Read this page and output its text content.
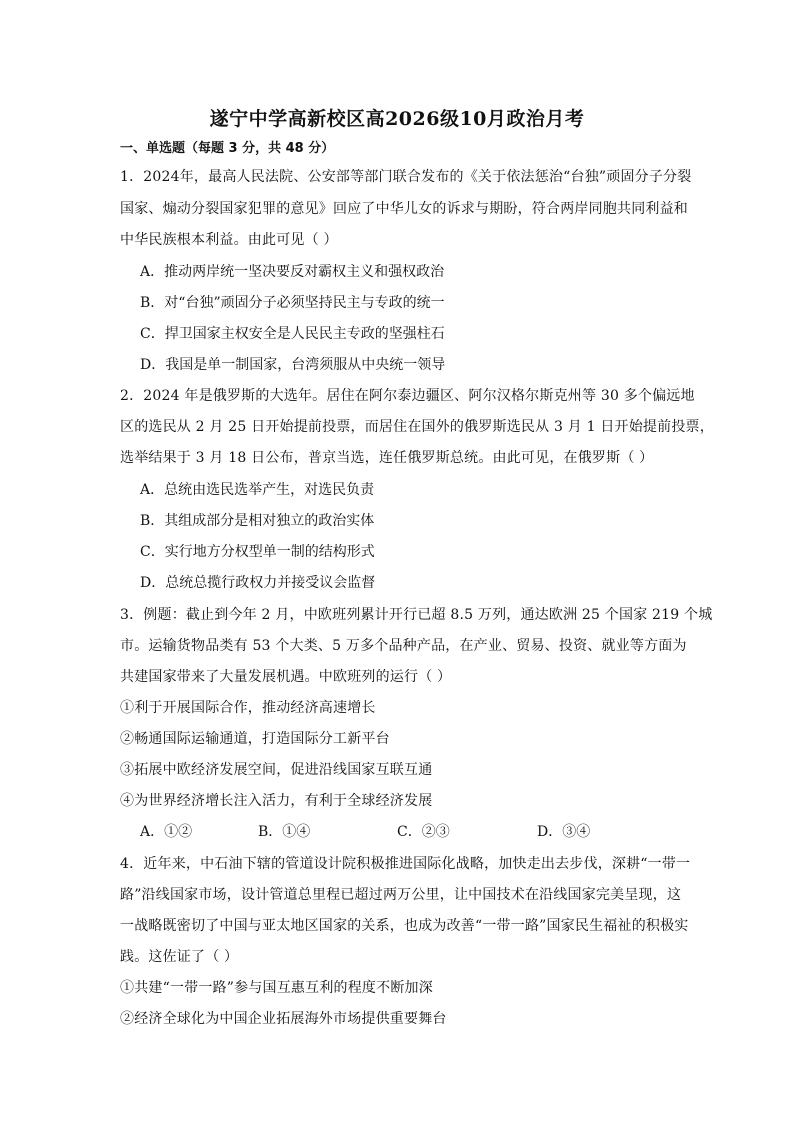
遂宁中学高新校区高2026级10月政治月考
一、单选题（每题 3 分，共 48 分）
1．2024年，最高人民法院、公安部等部门联合发布的《关于依法惩治“台独”顽固分子分裂
国家、煽动分裂国家犯罪的意见》回应了中华儿女的诉求与期盼，符合两岸同胞共同利益和
中华民族根本利益。由此可见（ ）
A．推动两岸统一坚决要反对霸权主义和强权政治
B．对“台独”顽固分子必须坚持民主与专政的统一
C．捍卫国家主权安全是人民民主专政的坚强柱石
D．我国是单一制国家，台湾须服从中央统一领导
2．2024 年是俄罗斯的大选年。居住在阿尔泰边疆区、阿尔汉格尔斯克州等 30 多个偏远地
区的选民从 2 月 25 日开始提前投票，而居住在国外的俄罗斯选民从 3 月 1 日开始提前投票，
选举结果于 3 月 18 日公布，普京当选，连任俄罗斯总统。由此可见，在俄罗斯（ ）
A．总统由选民选举产生，对选民负责
B．其组成部分是相对独立的政治实体
C．实行地方分权型单一制的结构形式
D．总统总揽行政权力并接受议会监督
3．例题：截止到今年 2 月，中欧班列累计开行已超 8.5 万列，通达欧洲 25 个国家 219 个城
市。运输货物品类有 53 个大类、5 万多个品种产品，在产业、贸易、投资、就业等方面为
共建国家带来了大量发展机遇。中欧班列的运行（ ）
①利于开展国际合作，推动经济高速增长
②畅通国际运输通道，打造国际分工新平台
③拓展中欧经济发展空间，促进沿线国家互联互通
④为世界经济增长注入活力，有利于全球经济发展
A．①②	B．①④	C．②③	D．③④
4．近年来，中石油下辖的管道设计院积极推进国际化战略，加快走出去步伐，深耕“一带一
路”沿线国家市场，设计管道总里程已超过两万公里，让中国技术在沿线国家完美呈现，这
一战略既密切了中国与亚太地区国家的关系，也成为改善“一带一路”国家民生福祉的积极实
践。这佐证了（ ）
①共建“一带一路”参与国互惠互利的程度不断加深
②经济全球化为中国企业拓展海外市场提供重要舞台
